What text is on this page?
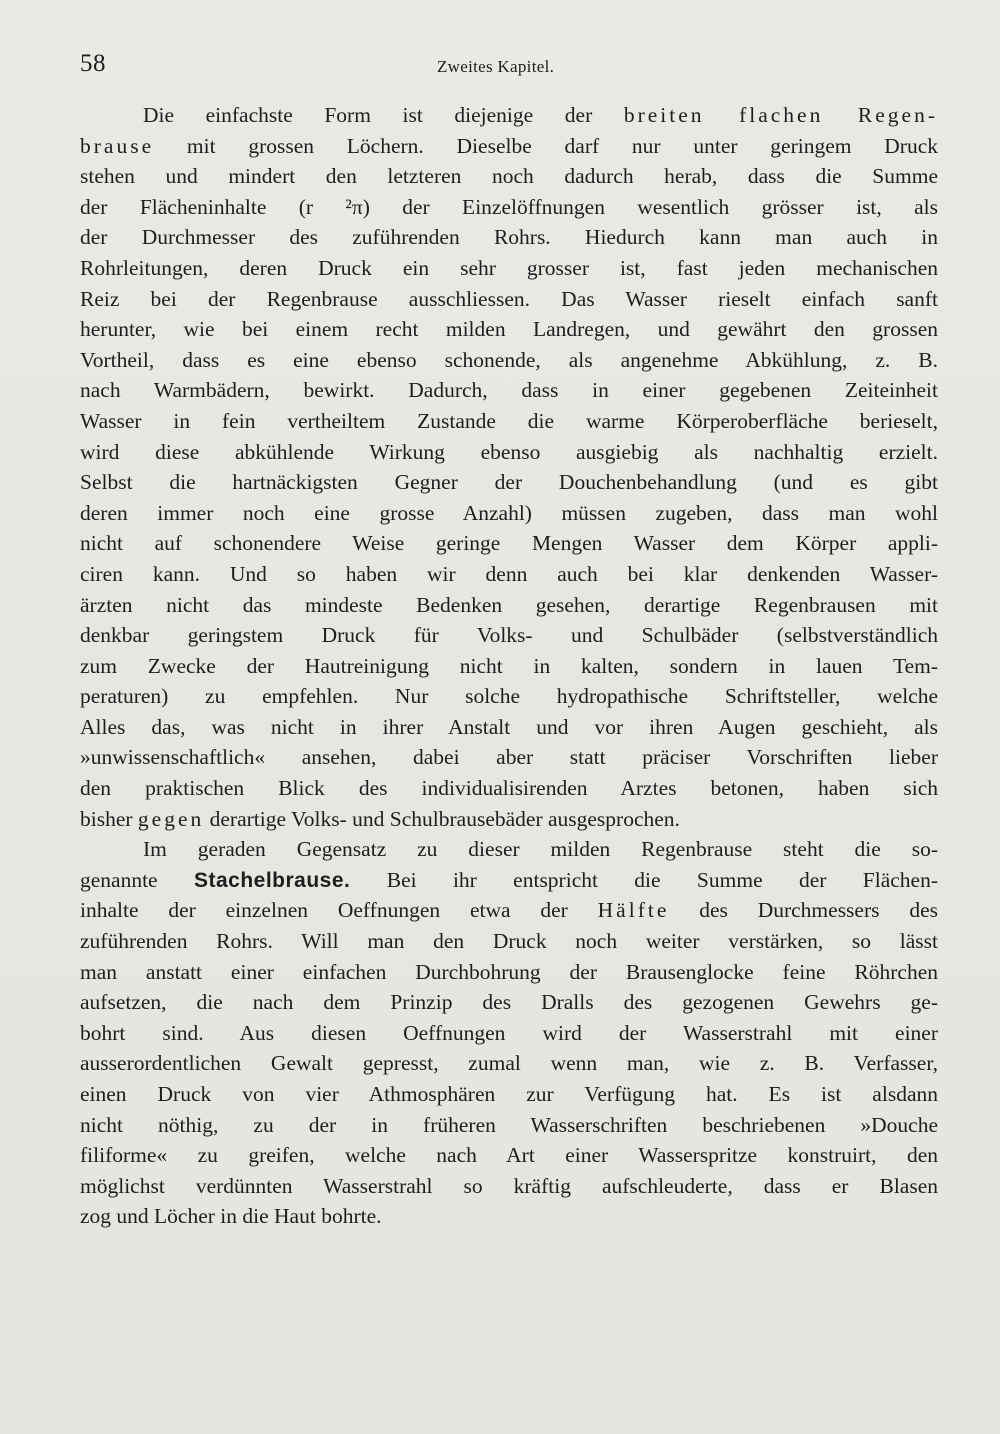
58	Zweites Kapitel.
Die einfachste Form ist diejenige der breiten flachen Regen-
brause mit grossen Löchern. Dieselbe darf nur unter geringem Druck
stehen und mindert den letzteren noch dadurch herab, dass die Summe
der Flächeninhalte (r ²π) der Einzelöffnungen wesentlich grösser ist, als
der Durchmesser des zuführenden Rohrs. Hiedurch kann man auch in
Rohrleitungen, deren Druck ein sehr grosser ist, fast jeden mechanischen
Reiz bei der Regenbrause ausschliessen. Das Wasser rieselt einfach sanft
herunter, wie bei einem recht milden Landregen, und gewährt den grossen
Vortheil, dass es eine ebenso schonende, als angenehme Abkühlung, z. B.
nach Warmbädern, bewirkt. Dadurch, dass in einer gegebenen Zeiteinheit
Wasser in fein vertheiltem Zustande die warme Körperoberfläche berieselt,
wird diese abkühlende Wirkung ebenso ausgiebig als nachhaltig erzielt.
Selbst die hartnäckigsten Gegner der Douchenbehandlung (und es gibt
deren immer noch eine grosse Anzahl) müssen zugeben, dass man wohl
nicht auf schonendere Weise geringe Mengen Wasser dem Körper appli-
ciren kann. Und so haben wir denn auch bei klar denkenden Wasser-
ärzten nicht das mindeste Bedenken gesehen, derartige Regenbrausen mit
denkbar geringstem Druck für Volks- und Schulbäder (selbstverständlich
zum Zwecke der Hautreinigung nicht in kalten, sondern in lauen Tem-
peraturen) zu empfehlen. Nur solche hydropathische Schriftsteller, welche
Alles das, was nicht in ihrer Anstalt und vor ihren Augen geschieht, als
»unwissenschaftlich« ansehen, dabei aber statt präciser Vorschriften lieber
den praktischen Blick des individualisirenden Arztes betonen, haben sich
bisher gegen derartige Volks- und Schulbrausebäder ausgesprochen.
Im geraden Gegensatz zu dieser milden Regenbrause steht die so-
genannte Stachelbrause. Bei ihr entspricht die Summe der Flächen-
inhalte der einzelnen Oeffnungen etwa der Hälfte des Durchmessers des
zuführenden Rohrs. Will man den Druck noch weiter verstärken, so lässt
man anstatt einer einfachen Durchbohrung der Brausenglocke feine Röhrchen
aufsetzen, die nach dem Prinzip des Dralls des gezogenen Gewehrs ge-
bohrt sind. Aus diesen Oeffnungen wird der Wasserstrahl mit einer
ausserordentlichen Gewalt gepresst, zumal wenn man, wie z. B. Verfasser,
einen Druck von vier Athmosphären zur Verfügung hat. Es ist alsdann
nicht nöthig, zu der in früheren Wasserschriften beschriebenen »Douche
filiforme« zu greifen, welche nach Art einer Wasserspritze konstruirt, den
möglichst verdünnten Wasserstrahl so kräftig aufschleuderte, dass er Blasen
zog und Löcher in die Haut bohrte.
